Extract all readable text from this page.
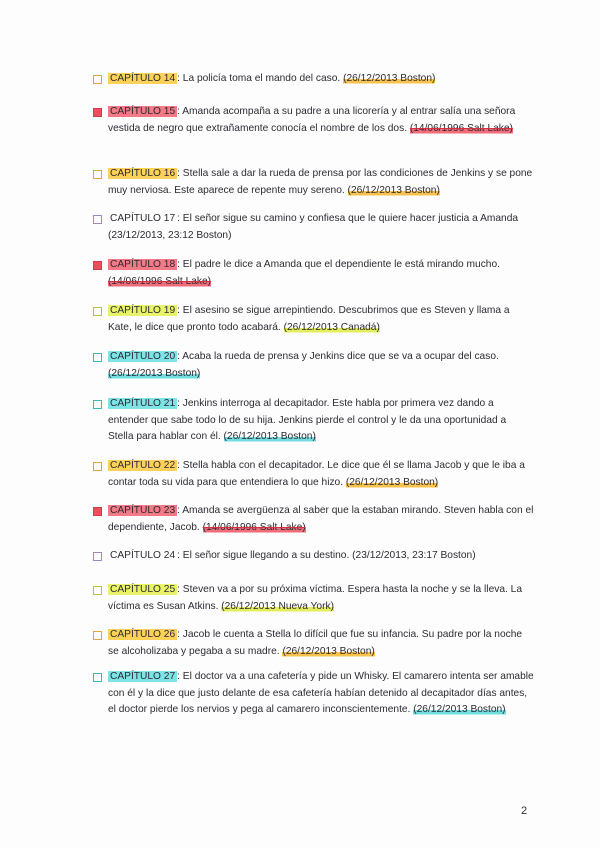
CAPÍTULO 14 : La policía toma el mando del caso. (26/12/2013 Boston)
CAPÍTULO 15 : Amanda acompaña a su padre a una licorería y al entrar salía una señora vestida de negro que extrañamente conocía el nombre de los dos. (14/06/1996 Salt Lake)
CAPÍTULO 16 : Stella sale a dar la rueda de prensa por las condiciones de Jenkins y se pone muy nerviosa. Este aparece de repente muy sereno. (26/12/2013 Boston)
CAPÍTULO 17 : El señor sigue su camino y confiesa que le quiere hacer justicia a Amanda (23/12/2013, 23:12 Boston)
CAPÍTULO 18 : El padre le dice a Amanda que el dependiente le está mirando mucho. (14/06/1996 Salt Lake)
CAPÍTULO 19 : El asesino se sigue arrepintiendo. Descubrimos que es Steven y llama a Kate, le dice que pronto todo acabará. (26/12/2013 Canadá)
CAPÍTULO 20 : Acaba la rueda de prensa y Jenkins dice que se va a ocupar del caso. (26/12/2013 Boston)
CAPÍTULO 21 : Jenkins interroga al decapitador. Este habla por primera vez dando a entender que sabe todo lo de su hija. Jenkins pierde el control y le da una oportunidad a Stella para hablar con él. (26/12/2013 Boston)
CAPÍTULO 22 : Stella habla con el decapitador. Le dice que él se llama Jacob y que le iba a contar toda su vida para que entendiera lo que hizo. (26/12/2013 Boston)
CAPÍTULO 23 : Amanda se avergüenza al saber que la estaban mirando. Steven habla con el dependiente, Jacob. (14/06/1996 Salt Lake)
CAPÍTULO 24 : El señor sigue llegando a su destino. (23/12/2013, 23:17 Boston)
CAPÍTULO 25 : Steven va a por su próxima víctima. Espera hasta la noche y se la lleva. La víctima es Susan Atkins. (26/12/2013 Nueva York)
CAPÍTULO 26 : Jacob le cuenta a Stella lo difícil que fue su infancia. Su padre por la noche se alcoholizaba y pegaba a su madre. (26/12/2013 Boston)
CAPÍTULO 27 : El doctor va a una cafetería y pide un Whisky. El camarero intenta ser amable con él y la dice que justo delante de esa cafetería habían detenido al decapitador días antes, el doctor pierde los nervios y pega al camarero inconscientemente. (26/12/2013 Boston)
2
